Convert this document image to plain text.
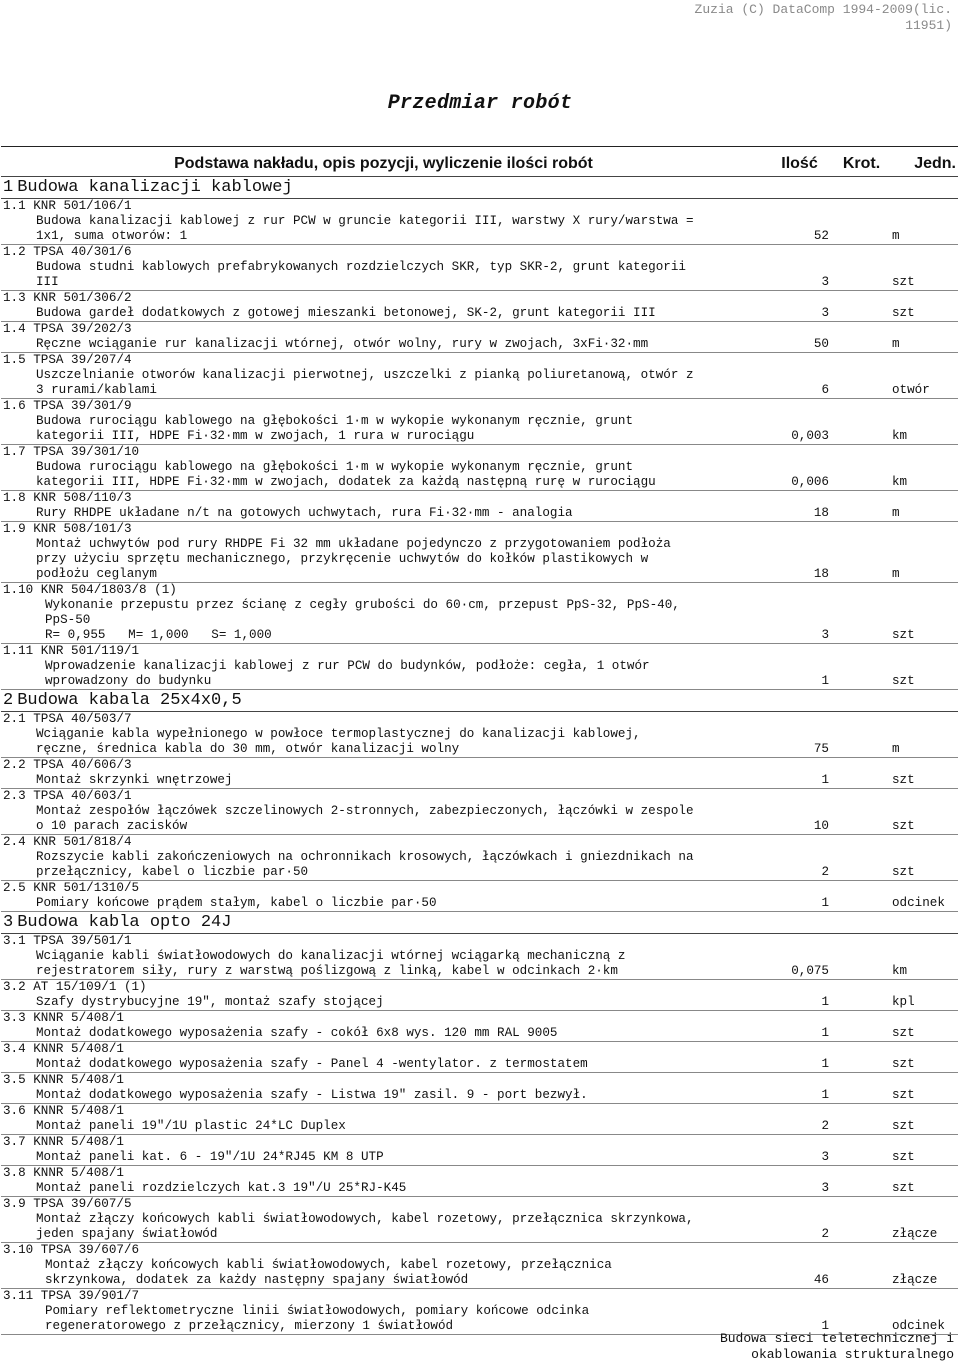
Zuzia (C) DataComp 1994-2009(lic.
11951)
Przedmiar robót
Podstawa nakładu, opis pozycji, wyliczenie ilości robót	Ilość	Krot.	Jedn.
1 Budowa kanalizacji kablowej			

1.1 KNR 501/106/1
Budowa kanalizacji kablowej z rur PCW w gruncie kategorii III, warstwy X rury/warstwa =
1x1, suma otworów: 1	52		m

1.2 TPSA 40/301/6
Budowa studni kablowych prefabrykowanych rozdzielczych SKR, typ SKR-2, grunt kategorii
III	3		szt

1.3 KNR 501/306/2
Budowa gardeł dodatkowych z gotowej mieszanki betonowej, SK-2, grunt kategorii III	3		szt

1.4 TPSA 39/202/3
Ręczne wciąganie rur kanalizacji wtórnej, otwór wolny, rury w zwojach, 3xFi·32·mm	50		m

1.5 TPSA 39/207/4
Uszczelnianie otworów kanalizacji pierwotnej, uszczelki z pianką poliuretanową, otwór z
3 rurami/kablami	6		otwór

1.6 TPSA 39/301/9
Budowa rurociągu kablowego na głębokości 1·m w wykopie wykonanym ręcznie, grunt
kategorii III, HDPE Fi·32·mm w zwojach, 1 rura w rurociągu	0,003		km

1.7 TPSA 39/301/10
Budowa rurociągu kablowego na głębokości 1·m w wykopie wykonanym ręcznie, grunt
kategorii III, HDPE Fi·32·mm w zwojach, dodatek za każdą następną rurę w rurociągu	0,006		km

1.8 KNR 508/110/3
Rury RHDPE układane n/t na gotowych uchwytach, rura Fi·32·mm - analogia	18		m

1.9 KNR 508/101/3
Montaż uchwytów pod rury RHDPE Fi 32 mm układane pojedynczo z przygotowaniem podłoża
przy użyciu sprzętu mechanicznego, przykręcenie uchwytów do kołków plastikowych w
podłożu ceglanym	18		m

1.10 KNR 504/1803/8 (1)
Wykonanie przepustu przez ścianę z cegły grubości do 60·cm, przepust PpS-32, PpS-40,
PpS-50
R= 0,955   M= 1,000   S= 1,000	3		szt

1.11 KNR 501/119/1
Wprowadzenie kanalizacji kablowej z rur PCW do budynków, podłoże: cegła, 1 otwór
wprowadzony do budynku	1		szt
2 Budowa kabala 25x4x0,5			

2.1 TPSA 40/503/7
Wciąganie kabla wypełnionego w powłoce termoplastycznej do kanalizacji kablowej,
ręczne, średnica kabla do 30 mm, otwór kanalizacji wolny	75		m

2.2 TPSA 40/606/3
Montaż skrzynki wnętrzowej	1		szt

2.3 TPSA 40/603/1
Montaż zespołów łączówek szczelinowych 2-stronnych, zabezpieczonych, łączówki w zespole
o 10 parach zacisków	10		szt

2.4 KNR 501/818/4
Rozszycie kabli zakończeniowych na ochronnikach krosowych, łączówkach i gniezdnikach na
przełącznicy, kabel o liczbie par·50	2		szt

2.5 KNR 501/1310/5
Pomiary końcowe prądem stałym, kabel o liczbie par·50	1		odcinek
3 Budowa kabla opto 24J			

3.1 TPSA 39/501/1
Wciąganie kabli światłowodowych do kanalizacji wtórnej wciągarką mechaniczną z
rejestratorem siły, rury z warstwą poślizgową z linką, kabel w odcinkach 2·km	0,075		km

3.2 AT 15/109/1 (1)
Szafy dystrybucyjne 19", montaż szafy stojącej	1		kpl

3.3 KNNR 5/408/1
Montaż dodatkowego wyposażenia szafy - cokół 6x8 wys. 120 mm RAL 9005	1		szt

3.4 KNNR 5/408/1
Montaż dodatkowego wyposażenia szafy - Panel 4 -wentylator. z termostatem	1		szt

3.5 KNNR 5/408/1
Montaż dodatkowego wyposażenia szafy - Listwa 19" zasil. 9 - port bezwył.	1		szt

3.6 KNNR 5/408/1
Montaż paneli 19"/1U plastic 24*LC Duplex	2		szt

3.7 KNNR 5/408/1
Montaż paneli kat. 6 - 19"/1U 24*RJ45 KM 8 UTP	3		szt

3.8 KNNR 5/408/1
Montaż paneli rozdzielczych kat.3 19"/U 25*RJ-K45	3		szt

3.9 TPSA 39/607/5
Montaż złączy końcowych kabli światłowodowych, kabel rozetowy, przełącznica skrzynkowa,
jeden spajany światłowód	2		złącze

3.10 TPSA 39/607/6
Montaż złączy końcowych kabli światłowodowych, kabel rozetowy, przełącznica
skrzynkowa, dodatek za każdy następny spajany światłowód	46		złącze

3.11 TPSA 39/901/7
Pomiary reflektometryczne linii światłowodowych, pomiary końcowe odcinka
regeneratorowego z przełącznicy, mierzony 1 światłowód	1		odcinek
Budowa sieci teletechnicznej i
okablowania strukturalnego
